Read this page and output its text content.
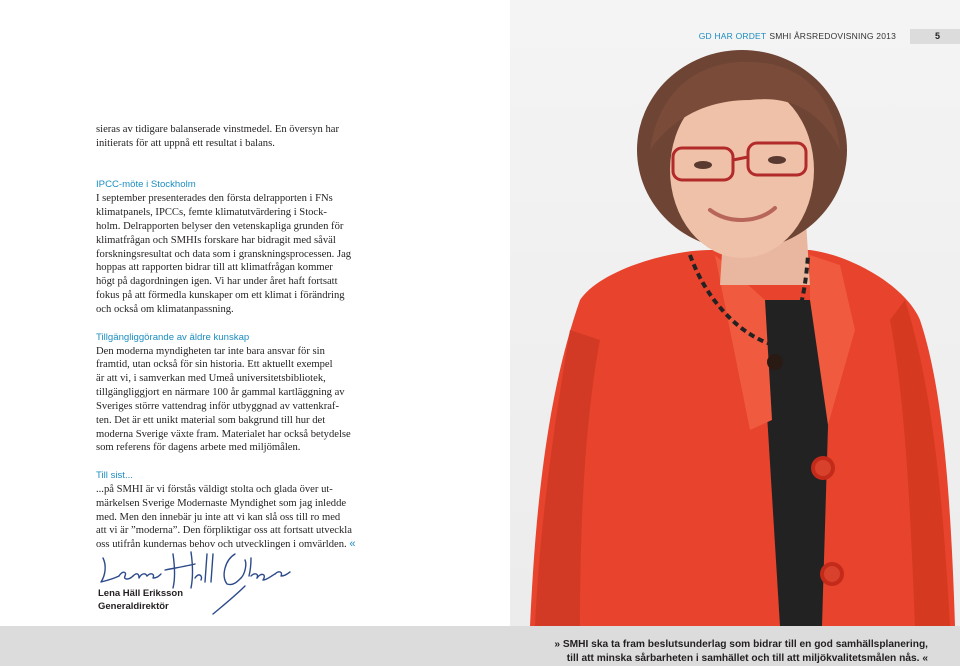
GD HAR ORDET SMHI ÅRSREDOVISNING 2013	5

sieras av tidigare balanserade vinstmedel. En översyn har

initierats för att uppnå ett resultat i balans.

IPCC-möte i Stockholm

I september presenterades den första delrapporten i FNs

klimatpanels, IPCCs, femte klimatutvärdering i Stock-

holm. Delrapporten belyser den vetenskapliga grunden för

klimatfrågan och SMHIs forskare har bidragit med såväl

forskningsresultat och data som i granskningsprocessen. Jag

hoppas att rapporten bidrar till att klimatfrågan kommer

högt på dagordningen igen. Vi har under året haft fortsatt

fokus på att förmedla kunskaper om ett klimat i förändring

och också om klimatanpassning.

Tillgängliggörande av äldre kunskap

Den moderna myndigheten tar inte bara ansvar för sin

framtid, utan också för sin historia. Ett aktuellt exempel

är att vi, i samverkan med Umeå universitetsbibliotek,

tillgängliggjort en närmare 100 år gammal kartläggning av

Sveriges större vattendrag inför utbyggnad av vattenkraf-

ten. Det är ett unikt material som bakgrund till hur det

moderna Sverige växte fram. Materialet har också betydelse

som referens för dagens arbete med miljömålen.

Till sist...

...på SMHI är vi förstås väldigt stolta och glada över ut-

märkelsen Sverige Modernaste Myndighet som jag inledde

med. Men den innebär ju inte att vi kan slå oss till ro med

att vi är ”moderna”. Den förpliktigar oss att fortsatt utveckla

oss utifrån kundernas behov och utvecklingen i omvärlden. «

Lena Häll Eriksson
Generaldirektör
» SMHI ska ta fram beslutsunderlag som bidrar till en god samhällsplanering,
till att minska sårbarheten i samhället och till att miljökvalitetsmålen nås. «
